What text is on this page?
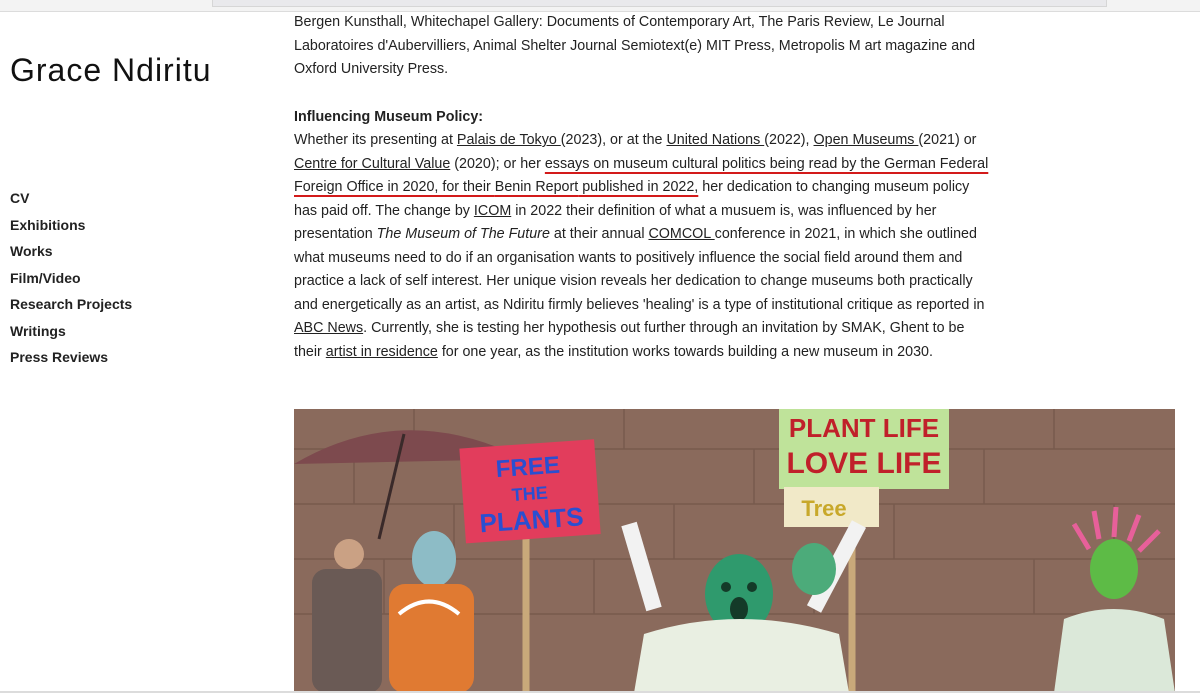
Grace Ndiritu
CV
Exhibitions
Works
Film/Video
Research Projects
Writings
Press Reviews

Bergen Kunsthall, Whitechapel Gallery: Documents of Contemporary Art, The Paris Review, Le Journal Laboratoires d'Aubervilliers, Animal Shelter Journal Semiotext(e) MIT Press, Metropolis M art magazine and Oxford University Press.

Influencing Museum Policy:

Whether its presenting at Palais de Tokyo (2023), or at the United Nations (2022), Open Museums (2021) or Centre for Cultural Value (2020); or her essays on museum cultural politics being read by the German Federal Foreign Office in 2020, for their Benin Report published in 2022, her dedication to changing museum policy has paid off. The change by ICOM in 2022 their definition of what a musuem is, was influenced by her presentation The Museum of The Future at their annual COMCOL conference in 2021, in which she outlined what museums need to do if an organisation wants to positively influence the social field around them and practice a lack of self interest. Her unique vision reveals her dedication to change museums both practically and energetically as an artist, as Ndiritu firmly believes 'healing' is a type of institutional critique as reported in ABC News. Currently, she is testing her hypothesis out further through an invitation by SMAK, Ghent to be their artist in residence for one year, as the institution works towards building a new museum in 2030.

FREE
THE
PLANTS
PLANT LIFE
LOVE LIFE
Tree
